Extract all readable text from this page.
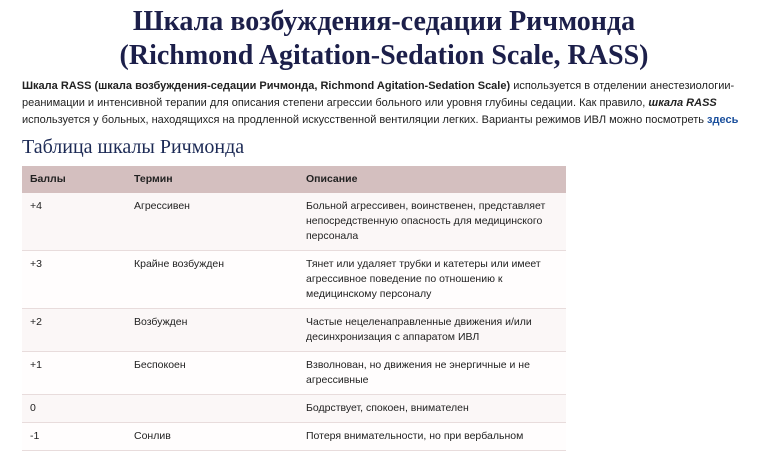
Шкала возбуждения-седации Ричмонда
(Richmond Agitation-Sedation Scale, RASS)

Шкала RASS (шкала возбуждения-седации Ричмонда, Richmond Agitation-Sedation Scale) используется в отделении анестезиологии-реанимации и интенсивной терапии для описания степени агрессии больного или уровня глубины седации. Как правило, шкала RASS используется у больных, находящихся на продленной искусственной вентиляции легких. Варианты режимов ИВЛ можно посмотреть здесь

Таблица шкалы Ричмонда
Баллы	Термин	Описание
+4	Агрессивен	Больной агрессивен, воинственен, представляет непосредственную опасность для медицинского персонала
+3	Крайне возбужден	Тянет или удаляет трубки и катетеры или имеет агрессивное поведение по отношению к медицинскому персоналу
+2	Возбужден	Частые нецеленаправленные движения и/или десинхронизация с аппаратом ИВЛ
+1	Беспокоен	Взволнован, но движения не энергичные и не агрессивные
0		Бодрствует, спокоен, внимателен
-1	Сонлив	Потеря внимательности, но при вербальном
